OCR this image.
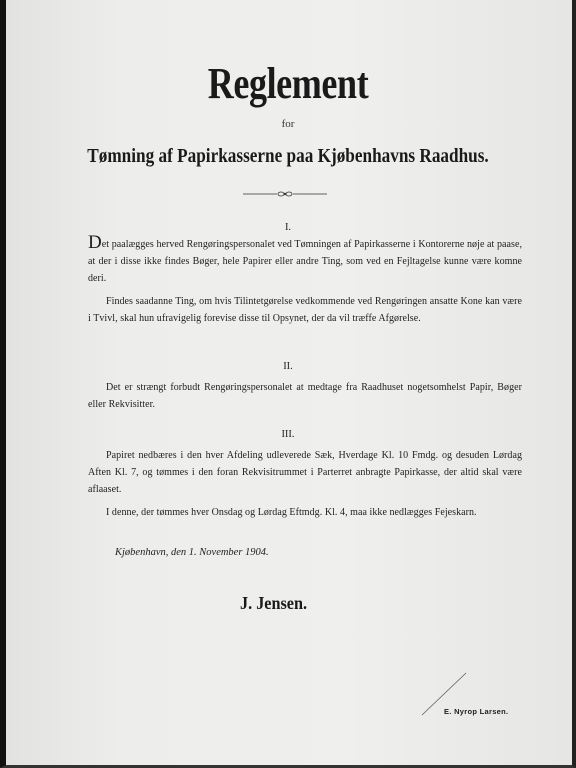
Reglement
for
Tømning af Papirkasserne paa Kjøbenhavns Raadhus.
I.
Det paalægges herved Rengøringspersonalet ved Tømningen af Papirkasserne i Kontorerne nøje at paase, at der i disse ikke findes Bøger, hele Papirer eller andre Ting, som ved en Fejltagelse kunne være komne deri.
Findes saadanne Ting, om hvis Tilintetgørelse vedkommende ved Rengøringen ansatte Kone kan være i Tvivl, skal hun ufravigelig forevise disse til Opsynet, der da vil træffe Afgørelse.
II.
Det er strængt forbudt Rengøringspersonalet at medtage fra Raadhuset nogetsomhelst Papir, Bøger eller Rekvisitter.
III.
Papiret nedbæres i den hver Afdeling udleverede Sæk, Hverdage Kl. 10 Fmdg. og desuden Lørdag Aften Kl. 7, og tømmes i den foran Rekvisitrummet i Parterret anbragte Papirkasse, der altid skal være aflaaset.
I denne, der tømmes hver Onsdag og Lørdag Eftmdg. Kl. 4, maa ikke nedlægges Fejeskarn.
Kjøbenhavn, den 1. November 1904.
J. Jensen.
E. Nyrop Larsen.
